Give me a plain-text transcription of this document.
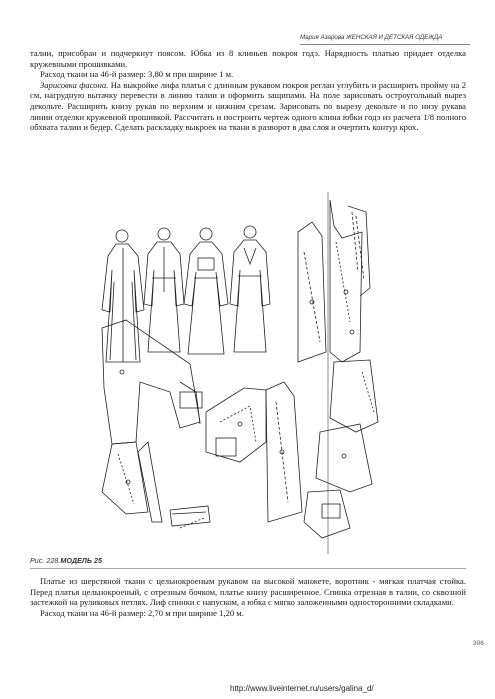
Мария Азарова ЖЕНСКАЯ И ДЕТСКАЯ ОДЕЖДА

талии, присобран и подчеркнут поясом. Юбка из 8 клиньев покроя годэ. Нарядность платью придает отделка кружевными прошивками.

Расход ткани на 46-й размер: 3,80 м при ширине 1 м.

Зарисовка фасона. На выкройке лифа платья с длинным рукавом покроя реглан углубить и расширить пройму на 2 см, нагрудную вытачку перевести в линию талии и оформить защипами. На поле зарисовать остроугольный вырез декольте. Расширить книзу рукав по верхним и нижним срезам. Зарисовать по вырезу декольте и по низу рукава линии отделки кружевной прошивкой. Рассчитать и построить чертеж одного клина юбки годэ из расчета 1/8 полного обхвата талии и бедер. Сделать раскладку выкроек на ткани в разворот в два слоя и очертить контур крох.

Рис. 228.МОДЕЛЬ 25

Платье из шерстяной ткани с цельнокроеным рукавом на высокой манжете, воротник - мягкая платчая стойка. Перед платья цельнокроеный, с отрезным бочком, платье книзу расширенное. Спинка отрезная в талии, со сквозной застежкой на руликовых петлях. Лиф спинки с напуском, а юбка с мягко заложенными односторонними складками.

Расход ткани на 46-й размер: 2,70 м при ширине 1,20 м.

306
http://www.liveinternet.ru/users/galina_d/
